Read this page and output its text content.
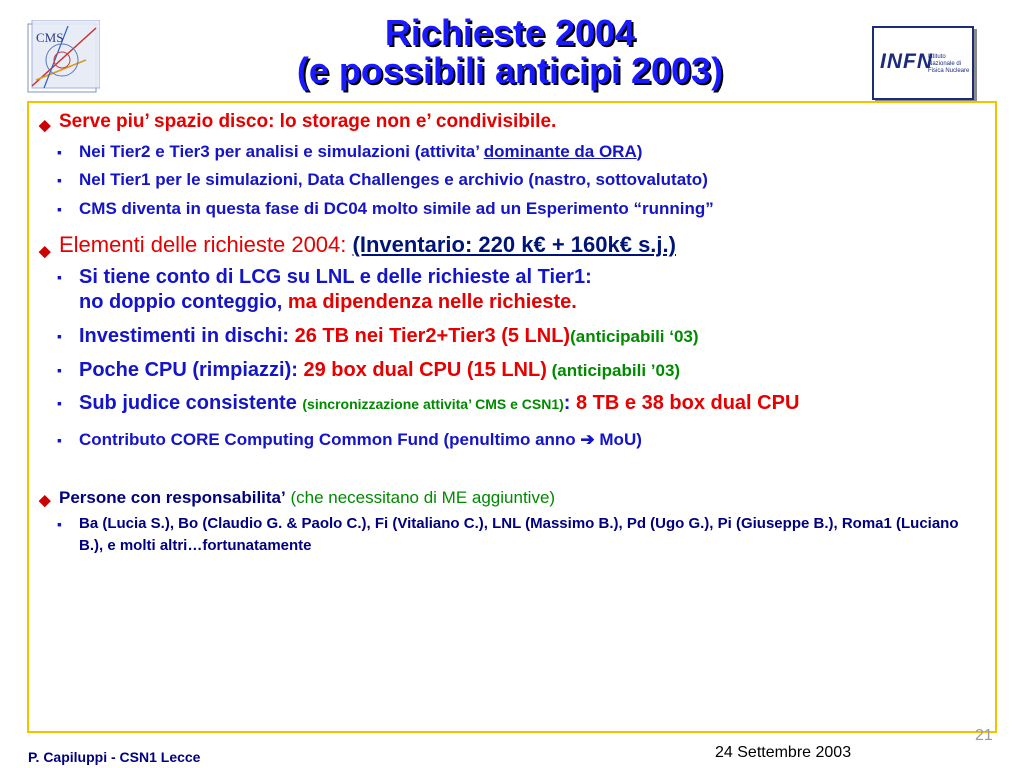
CMS	Richieste 2004
(e possibili anticipi 2003)	INFN
Istituto Nazionale di Fisica Nucleare
◆ Serve piu’ spazio disco: lo storage non e’ condivisibile.
▪ Nei Tier2 e Tier3 per analisi e simulazioni (attivita’ dominante da ORA)
▪ Nel Tier1 per le simulazioni, Data Challenges e archivio (nastro, sottovalutato)
▪ CMS diventa in questa fase di DC04 molto simile ad un Esperimento “running”
◆ Elementi delle richieste 2004: (Inventario: 220 k€ + 160k€ s.j.)
▪ Si tiene conto di LCG su LNL e delle richieste al Tier1:
no doppio conteggio, ma dipendenza nelle richieste.
▪ Investimenti in dischi: 26 TB nei Tier2+Tier3 (5 LNL)(anticipabili ‘03)
▪ Poche CPU (rimpiazzi): 29 box dual CPU (15 LNL) (anticipabili ’03)
▪ Sub judice consistente (sincronizzazione attivita’ CMS e CSN1): 8 TB e 38 box dual CPU
▪ Contributo CORE Computing Common Fund (penultimo anno ➔ MoU)
◆ Persone con responsabilita’ (che necessitano di ME aggiuntive)
▪ Ba (Lucia S.), Bo (Claudio G. & Paolo C.), Fi (Vitaliano C.), LNL (Massimo B.), Pd (Ugo G.), Pi (Giuseppe B.), Roma1 (Luciano B.), e molti altri…fortunatamente
21
P. Capiluppi - CSN1 Lecce	24 Settembre 2003
